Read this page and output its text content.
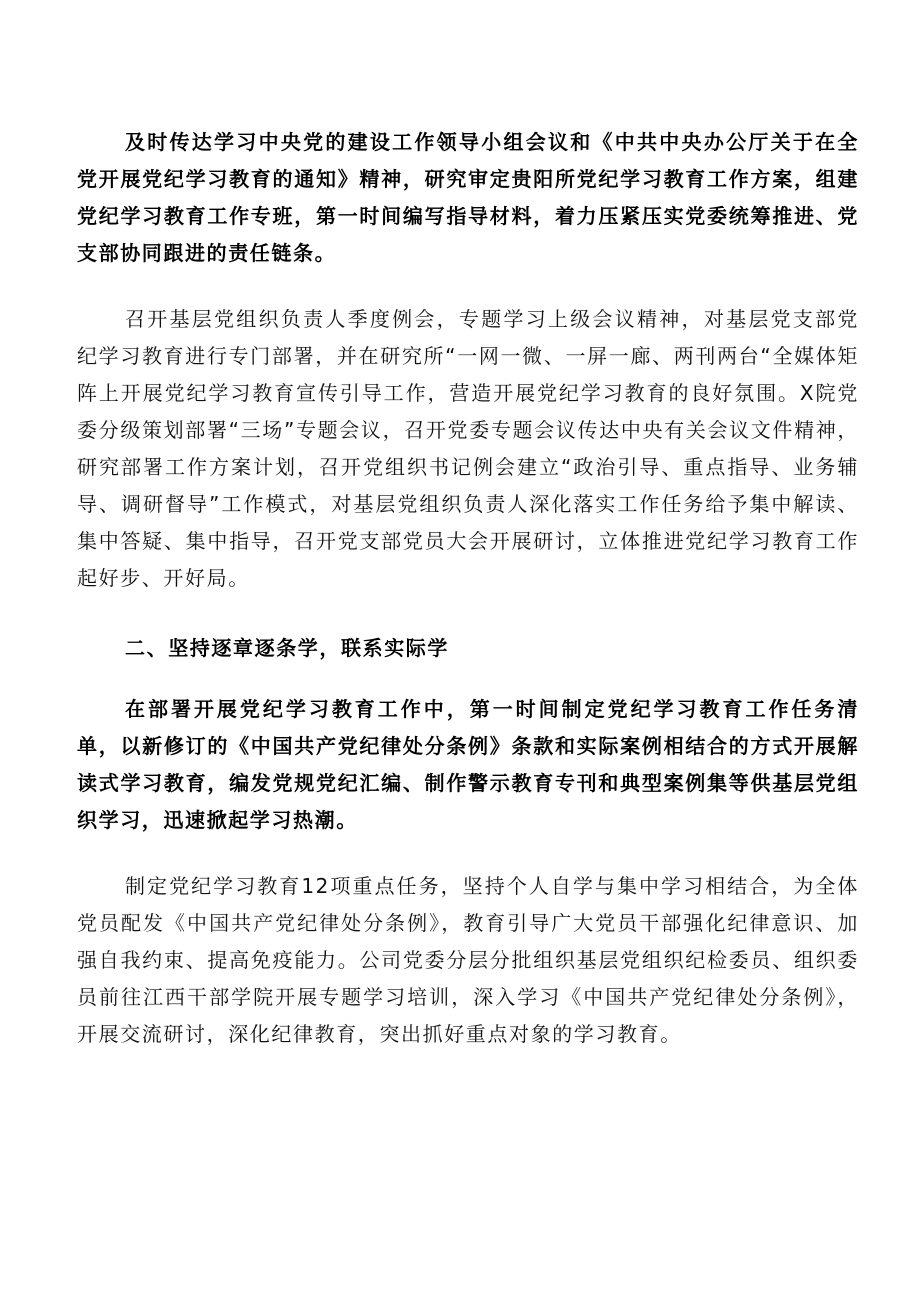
及时传达学习中央党的建设工作领导小组会议和《中共中央办公厅关于在全党开展党纪学习教育的通知》精神，研究审定贵阳所党纪学习教育工作方案，组建党纪学习教育工作专班，第一时间编写指导材料，着力压紧压实党委统筹推进、党支部协同跟进的责任链条。

召开基层党组织负责人季度例会，专题学习上级会议精神，对基层党支部党纪学习教育进行专门部署，并在研究所“一网一微、一屏一廊、两刊两台“全媒体矩阵上开展党纪学习教育宣传引导工作，营造开展党纪学习教育的良好氛围。X院党委分级策划部署“三场”专题会议，召开党委专题会议传达中央有关会议文件精神，研究部署工作方案计划，召开党组织书记例会建立“政治引导、重点指导、业务辅导、调研督导”工作模式，对基层党组织负责人深化落实工作任务给予集中解读、集中答疑、集中指导，召开党支部党员大会开展研讨，立体推进党纪学习教育工作起好步、开好局。

二、坚持逐章逐条学，联系实际学

在部署开展党纪学习教育工作中，第一时间制定党纪学习教育工作任务清单，以新修订的《中国共产党纪律处分条例》条款和实际案例相结合的方式开展解读式学习教育，编发党规党纪汇编、制作警示教育专刊和典型案例集等供基层党组织学习，迅速掀起学习热潮。

制定党纪学习教育12项重点任务，坚持个人自学与集中学习相结合，为全体党员配发《中国共产党纪律处分条例》，教育引导广大党员干部强化纪律意识、加强自我约束、提高免疫能力。公司党委分层分批组织基层党组织纪检委员、组织委员前往江西干部学院开展专题学习培训，深入学习《中国共产党纪律处分条例》，开展交流研讨，深化纪律教育，突出抓好重点对象的学习教育。
